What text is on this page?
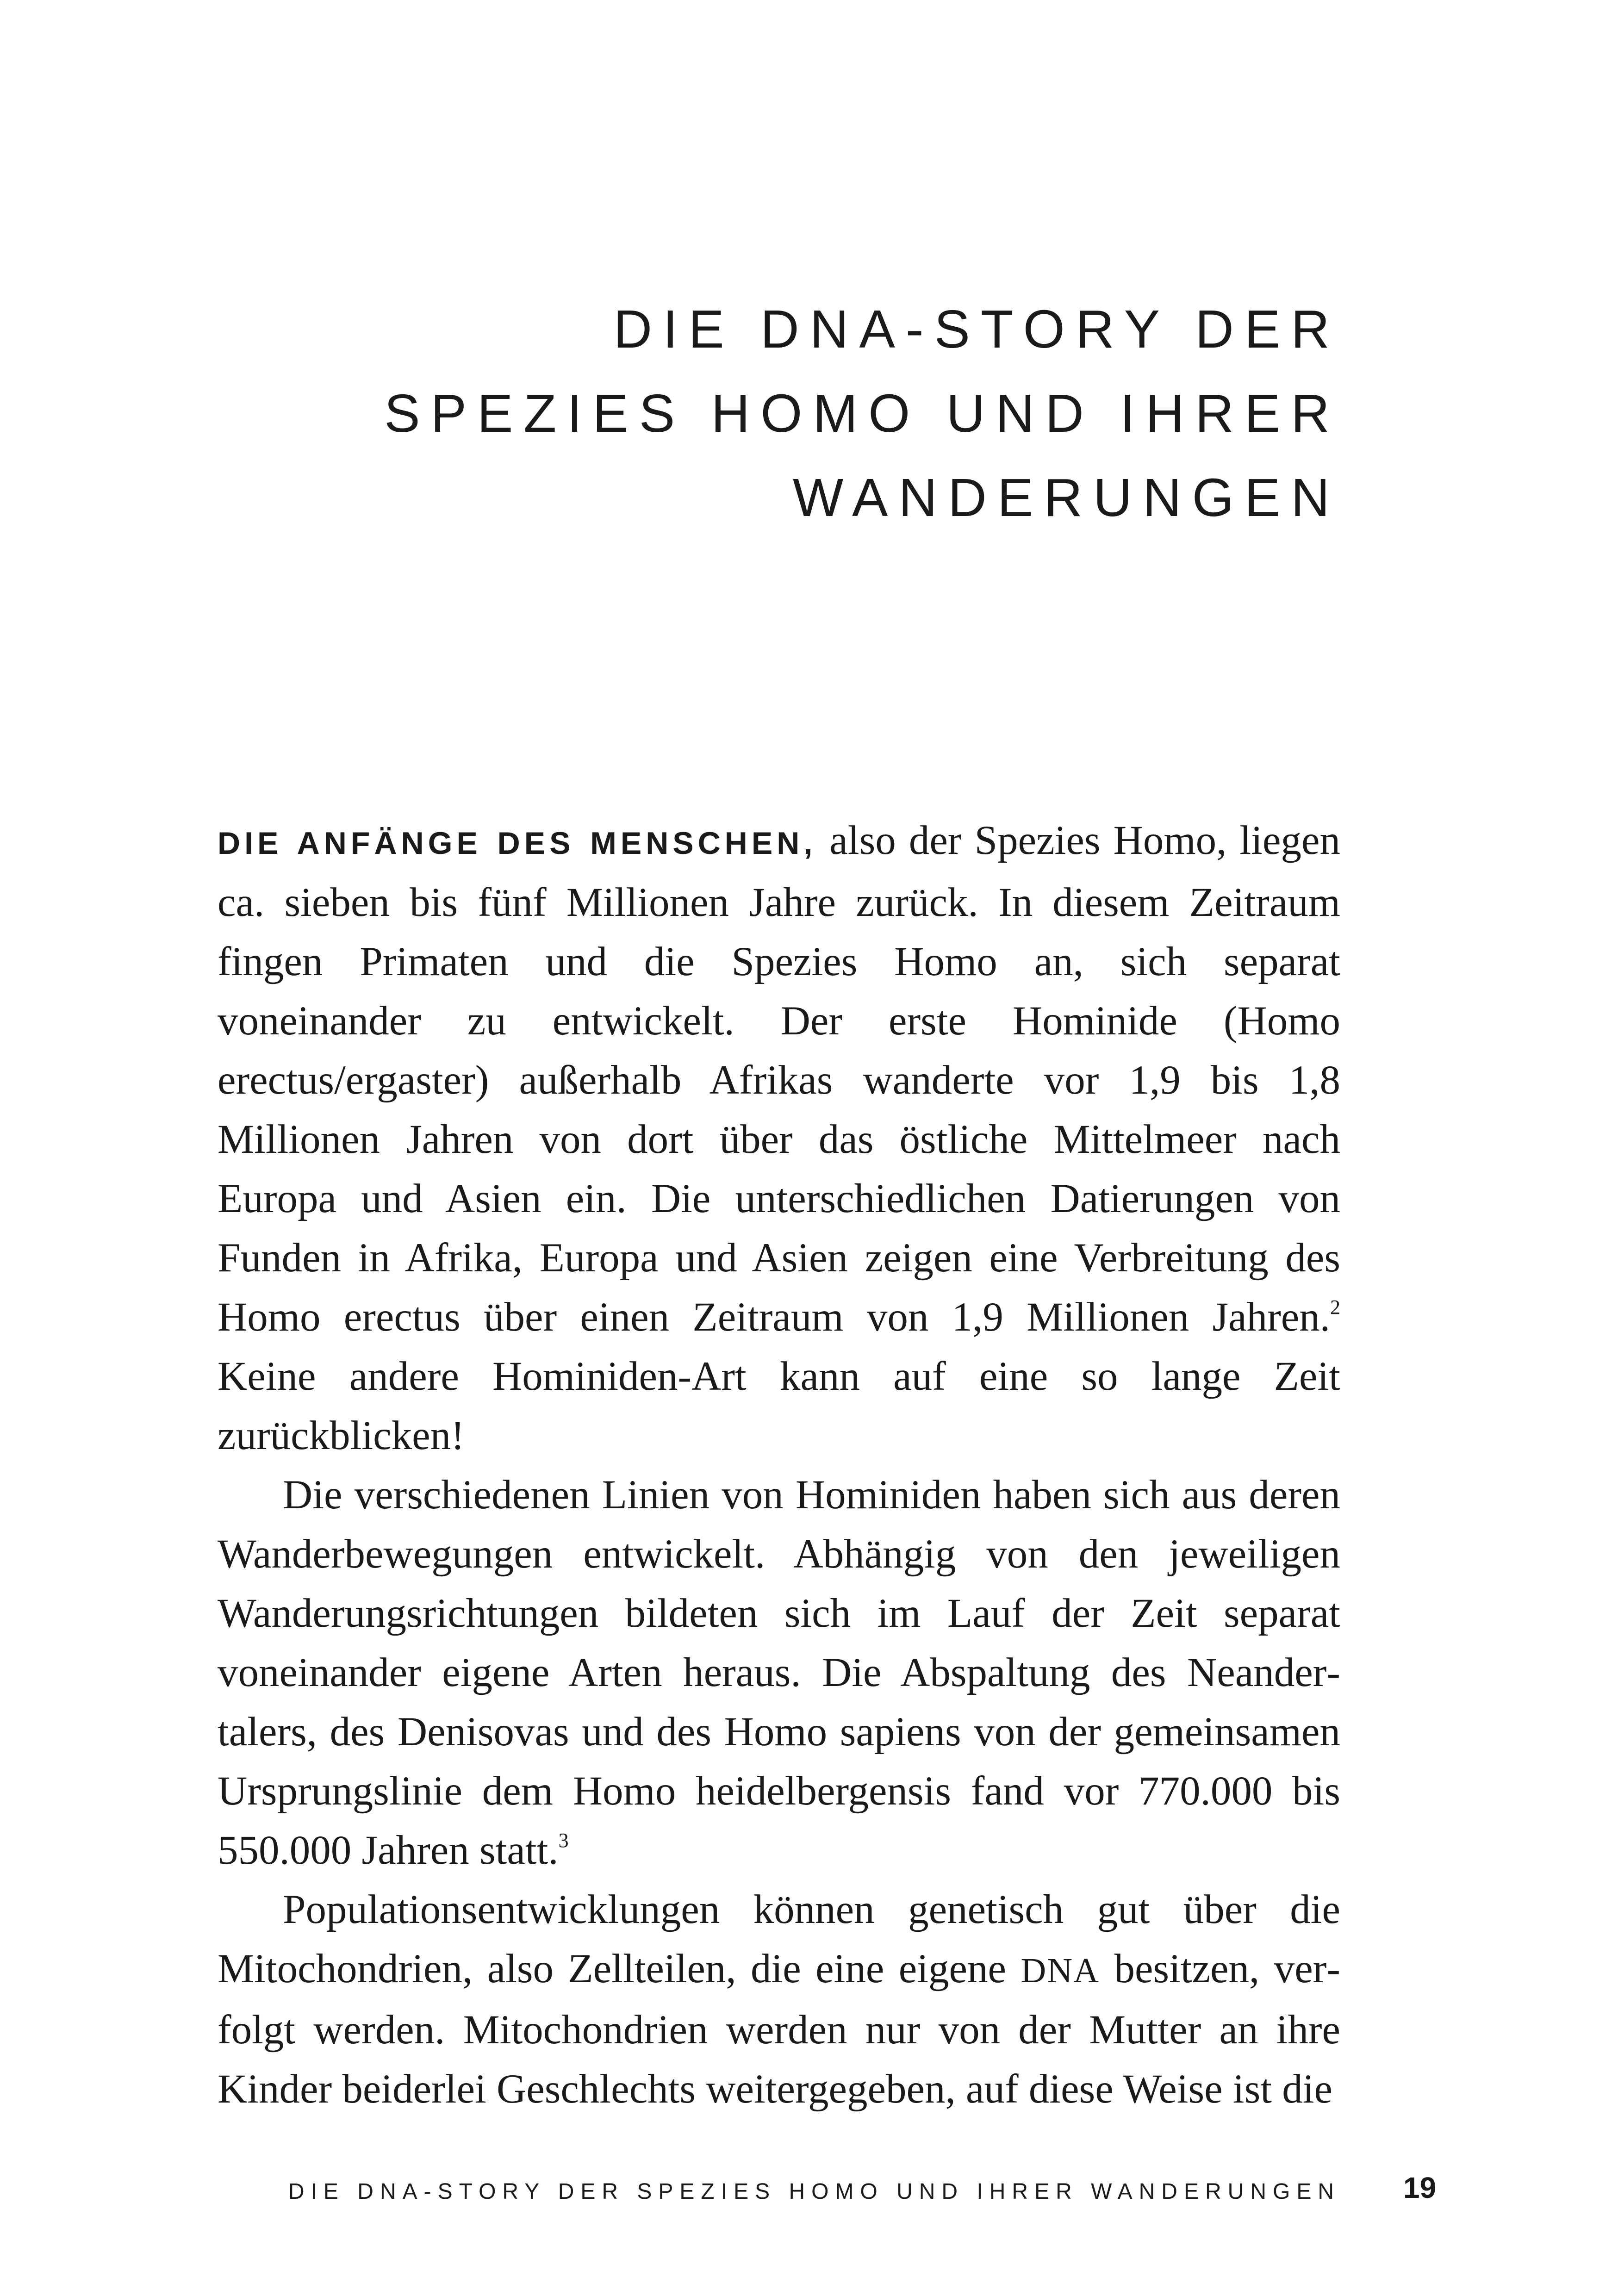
DIE DNA-STORY DER
SPEZIES HOMO UND IHRER
WANDERUNGEN

DIE ANFÄNGE DES MENSCHEN, also der Spezies Homo, liegen ca. sieben bis fünf Millionen Jahre zurück. In diesem Zeitraum fingen Primaten und die Spezies Homo an, sich separat voneinander zu entwickelt. Der erste Hominide (Homo erectus/ergaster) außerhalb Afrikas wanderte vor 1,9 bis 1,8 Millionen Jahren von dort über das östliche Mittelmeer nach Europa und Asien ein. Die unterschiedlichen Datierungen von Funden in Afrika, Europa und Asien zeigen eine Verbreitung des Homo erectus über einen Zeitraum von 1,9 Millionen Jahren.$^2$ Keine andere Hominiden-Art kann auf eine so lange Zeit zurückblicken!

Die verschiedenen Linien von Hominiden haben sich aus deren Wanderbewegungen entwickelt. Abhängig von den jeweiligen Wanderungsrichtungen bildeten sich im Lauf der Zeit separat voneinander eigene Arten heraus. Die Abspaltung des Neandertalers, des Denisovas und des Homo sapiens von der gemeinsamen Ursprungslinie dem Homo heidelbergensis fand vor 770.000 bis 550.000 Jahren statt.$^3$

Populationsentwicklungen können genetisch gut über die Mitochondrien, also Zellteilen, die eine eigene DNA besitzen, verfolgt werden. Mitochondrien werden nur von der Mutter an ihre Kinder beiderlei Geschlechts weitergegeben, auf diese Weise ist die

DIE DNA-STORY DER SPEZIES HOMO UND IHRER WANDERUNGEN 19
